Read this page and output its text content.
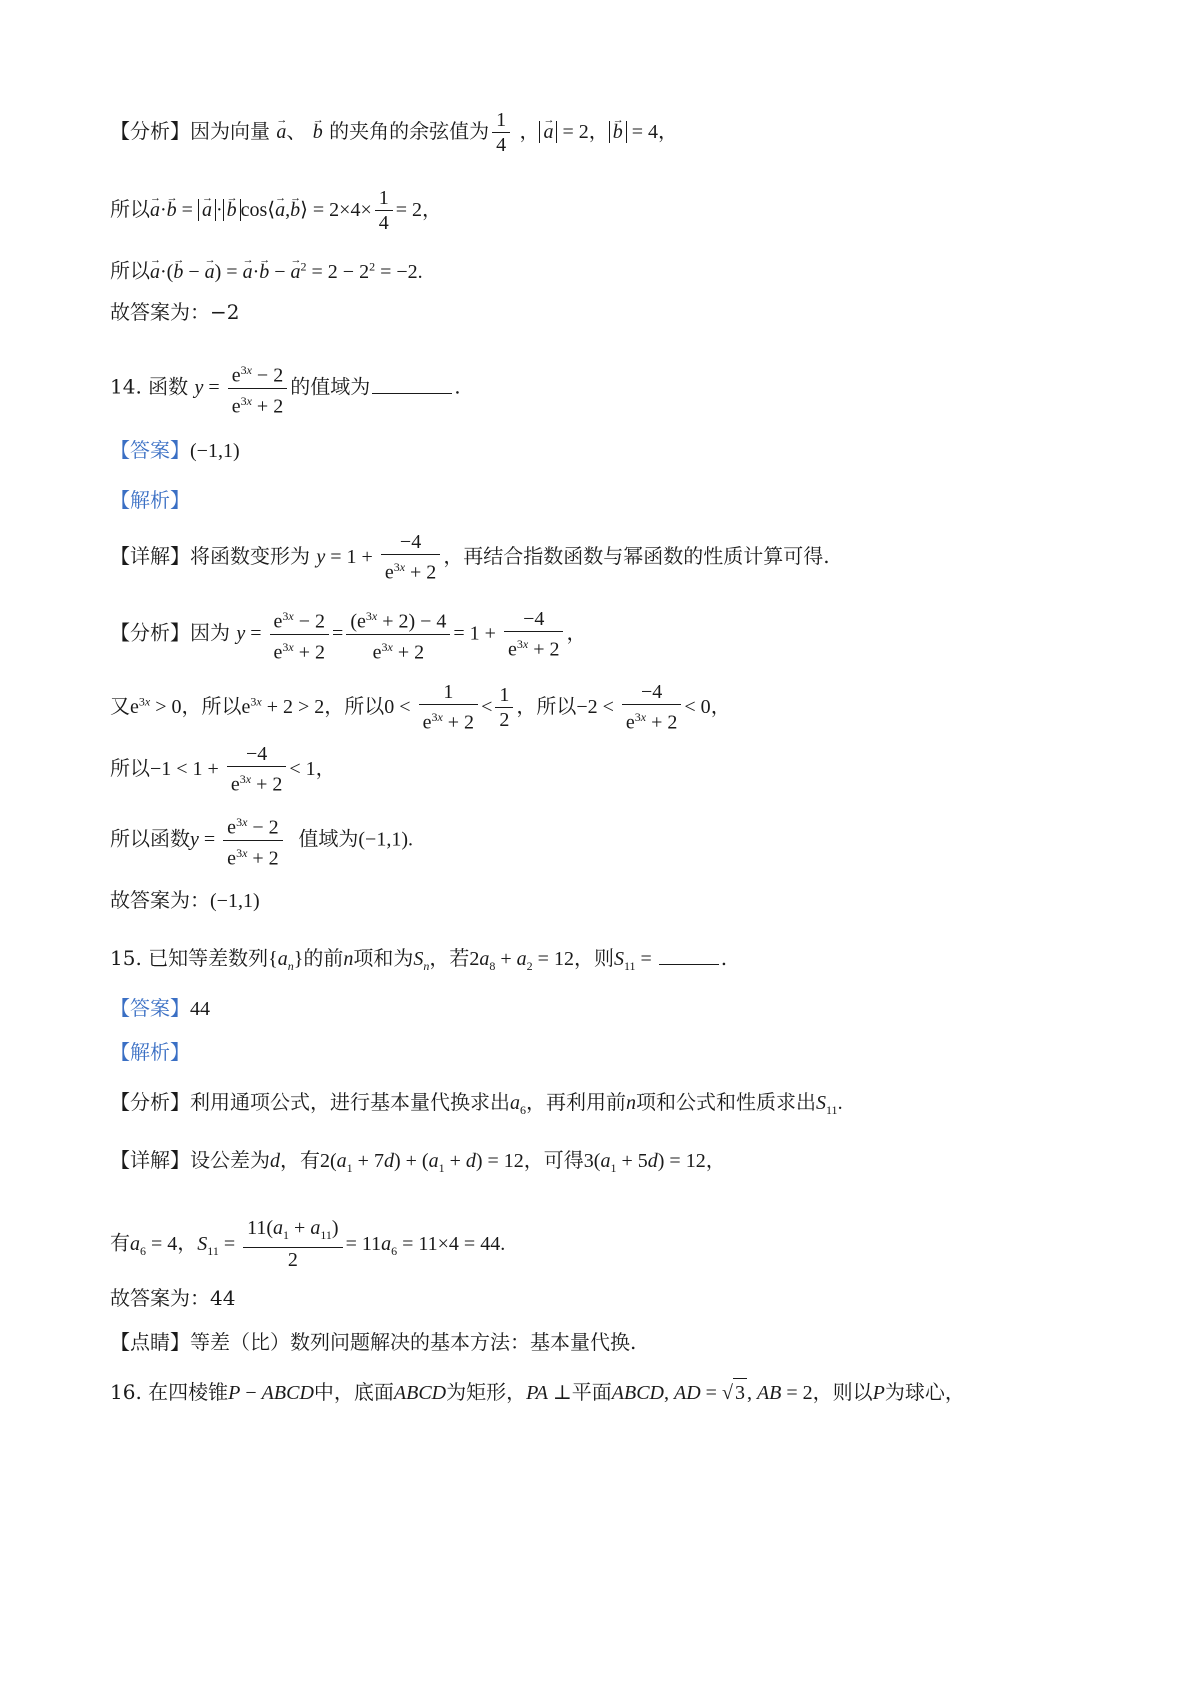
【分析】因为向量 → a、 → b 的夹角的余弦值为 $\frac{1}{4}$ ， → a = 2， → b = 4，
所以→ a·→ b = → a · → b cos⟨→ a,→ b⟩ = $2\times 4\times \frac{1}{4} = 2$，
所以→ a·(→ b − → a) = → a·→ b − → $a^2 = 2 - 2^2 = -2$.
故答案为：−2
14. 函数 $y = \frac{e^{3x} - 2}{e^{3x} + 2}$ 的值域为	.
【答案】(−1,1)
【解析】
【详解】将函数变形为 $y = 1 + \frac{-4}{e^{3x} + 2}$ ，再结合指数函数与幂函数的性质计算可得.
【分析】因为 $y = \frac{e^{3x} - 2}{e^{3x} + 2} = \frac{(e^{3x} + 2) - 4}{e^{3x} + 2} = 1 + \frac{-4}{e^{3x} + 2}$ ，
又$e^{3x} > 0$，所以$e^{3x} + 2 > 2$，所以$0 < \frac{1}{e^{3x} + 2} < \frac{1}{2}$ ，所以$-2 < \frac{-4}{e^{3x} + 2} < 0$，
所以$-1 < 1 + \frac{-4}{e^{3x} + 2} < 1$，
所以函数$y = \frac{e^{3x} - 2}{e^{3x} + 2}$ 值域为(−1,1).
故答案为：(−1,1)
15. 已知等差数列$\{a_n\}$的前n项和为$S_n$，若$2a_8 + a_2 = 12$，则$S_{11}$ =	.
【答案】44
【解析】
【分析】利用通项公式，进行基本量代换求出$a_6$，再利用前n项和公式和性质求出$S_{11}$.
【详解】设公差为d，有$2(a_1 + 7d) + (a_1 + d) = 12$，可得$3(a_1 + 5d) = 12$，
有$a_6 = 4$，$S_{11} = \frac{11(a_1 + a_{11})}{2} = 11a_6 = 11\times 4 = 44$.
故答案为：44
【点睛】等差（比）数列问题解决的基本方法：基本量代换.
16. 在四棱锥P − ABCD中，底面ABCD为矩形，PA ⊥平面ABCD, AD = √ 3 , AB = 2，则以P为球心，
